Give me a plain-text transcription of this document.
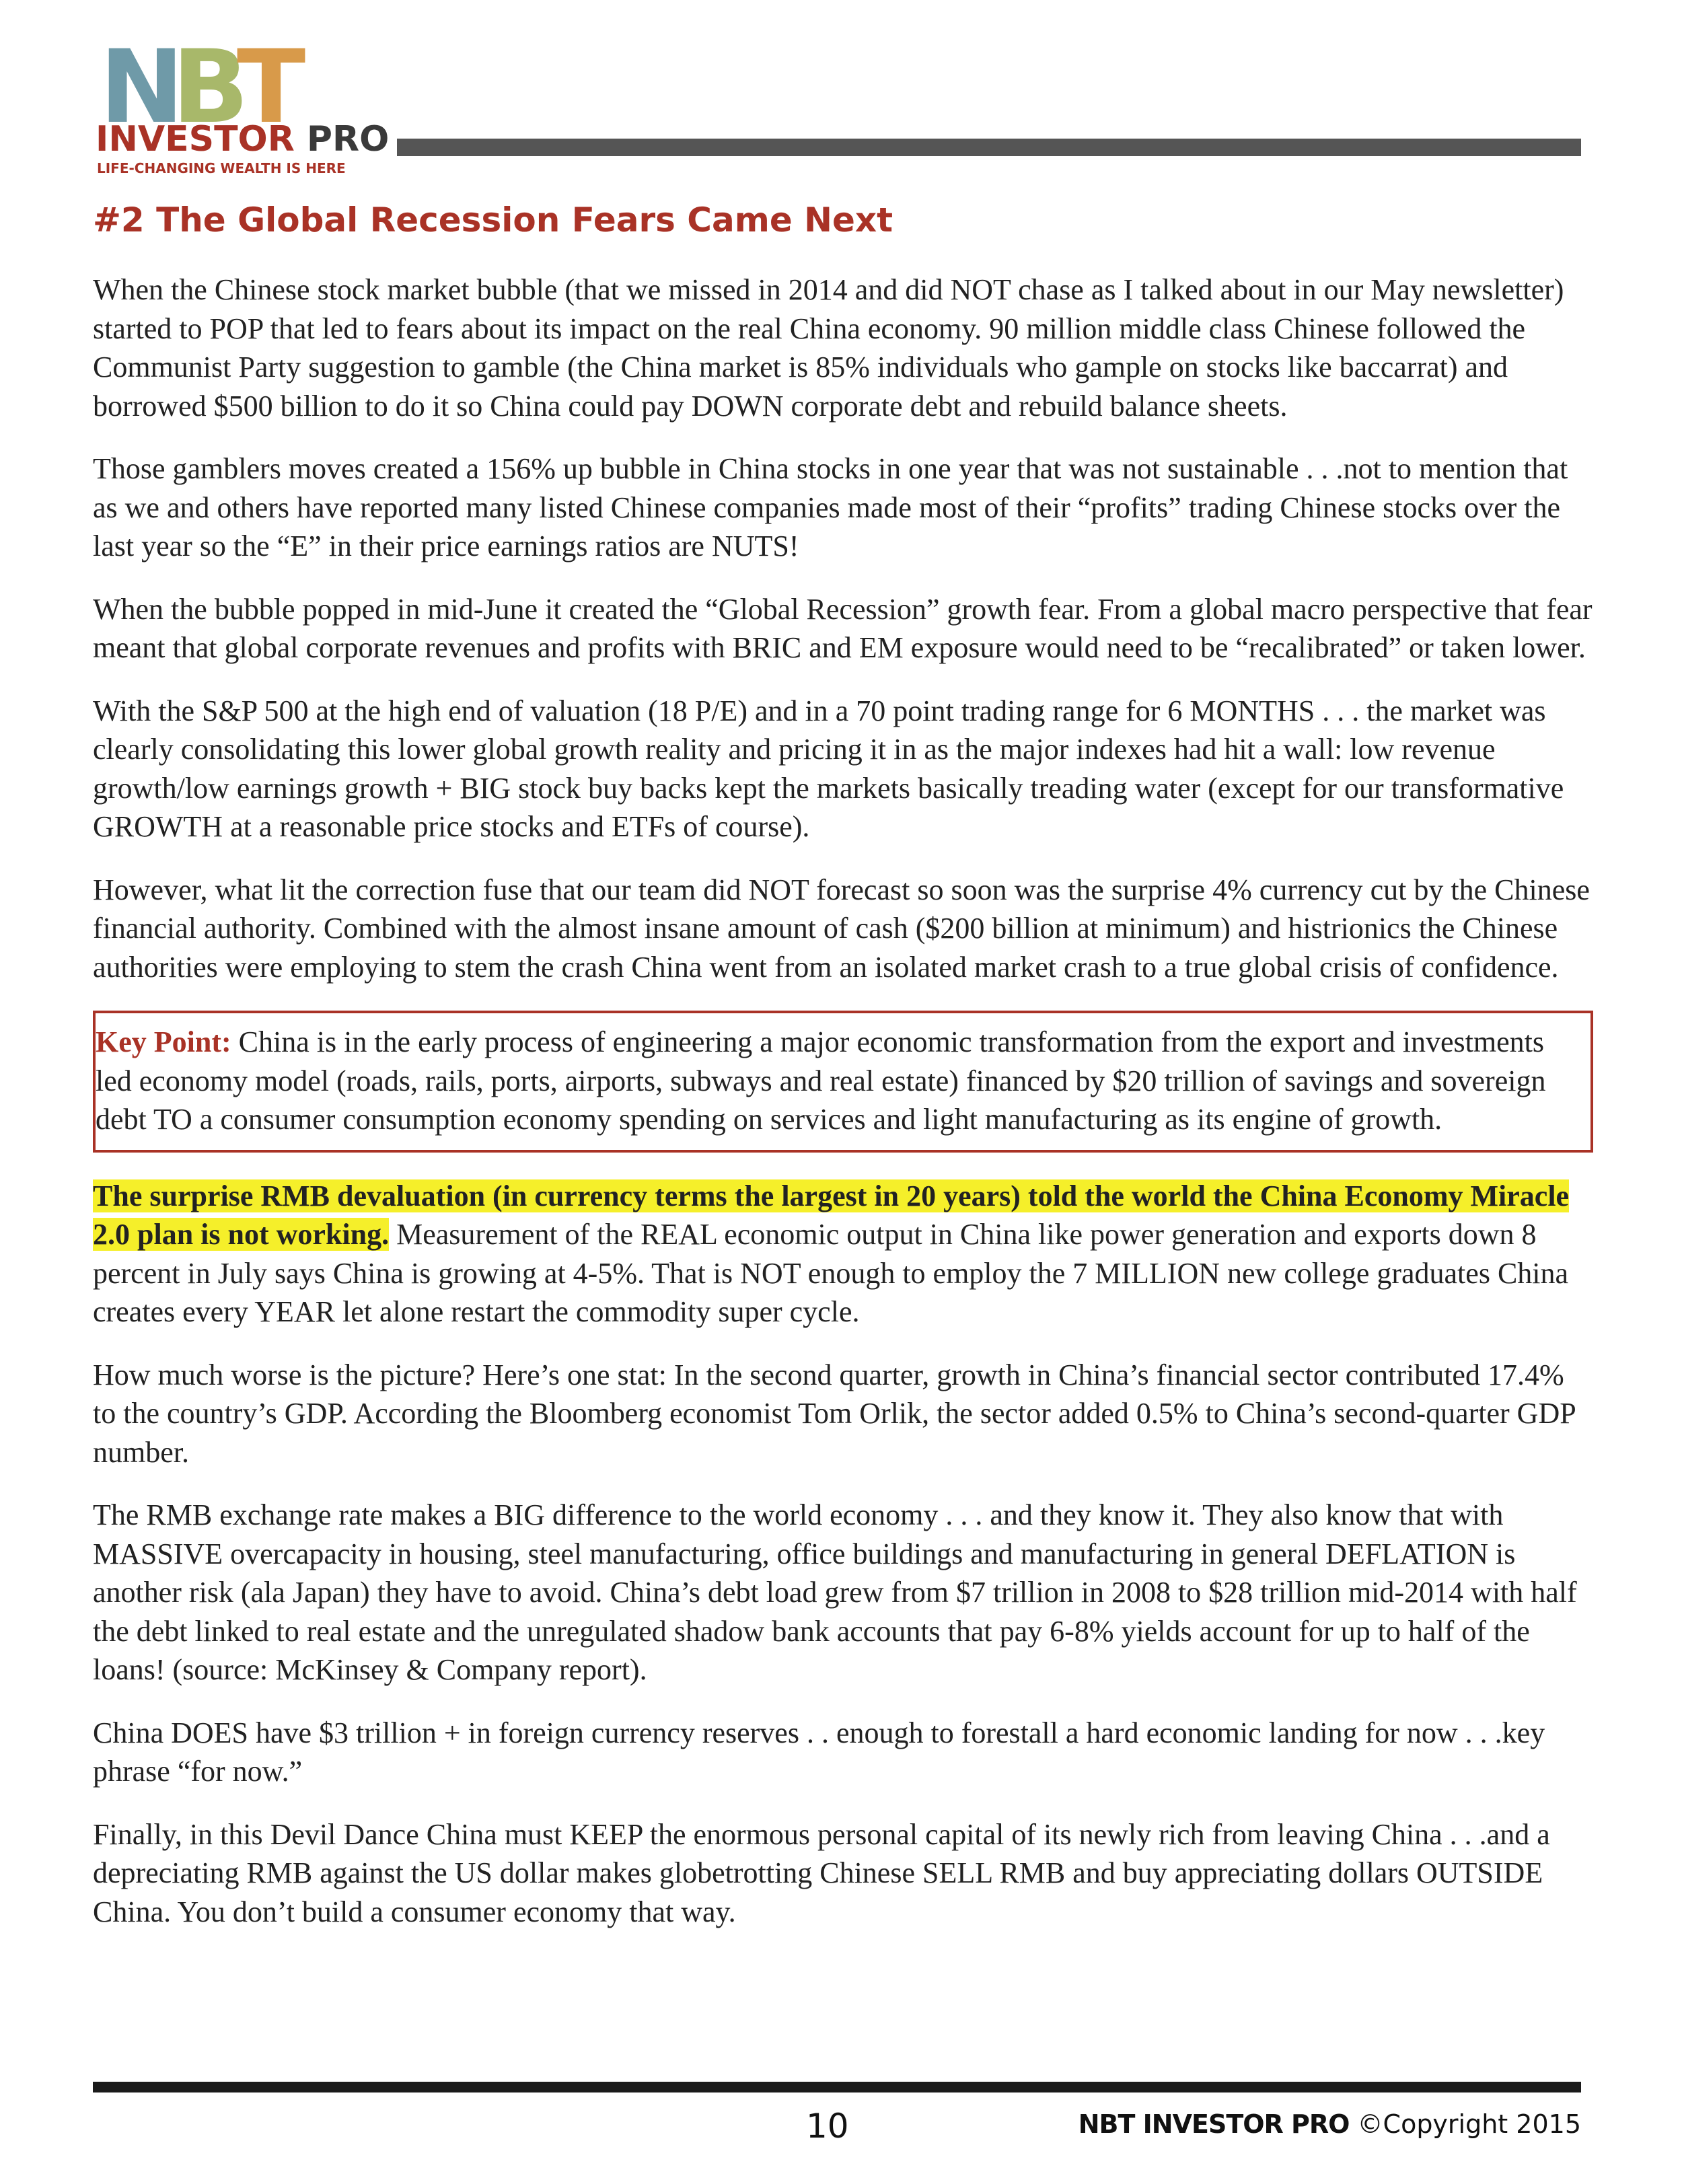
NBT
INVESTOR PRO
LIFE-CHANGING WEALTH IS HERE
#2 The Global Recession Fears Came Next

When the Chinese stock market bubble (that we missed in 2014 and did NOT chase as I talked about in our May newsletter) started to POP that led to fears about its impact on the real China economy. 90 million middle class Chinese followed the Communist Party suggestion to gamble (the China market is 85% individuals who gample on stocks like baccarrat) and borrowed $500 billion to do it so China could pay DOWN corporate debt and rebuild balance sheets.

Those gamblers moves created a 156% up bubble in China stocks in one year that was not sustainable . . .not to mention that as we and others have reported many listed Chinese companies made most of their “profits” trading Chinese stocks over the last year so the “E” in their price earnings ratios are NUTS!

When the bubble popped in mid-June it created the “Global Recession” growth fear. From a global macro perspective that fear meant that global corporate revenues and profits with BRIC and EM exposure would need to be “recalibrated” or taken lower.

With the S&P 500 at the high end of valuation (18 P/E) and in a 70 point trading range for 6 MONTHS . . . the market was clearly consolidating this lower global growth reality and pricing it in as the major indexes had hit a wall: low revenue growth/low earnings growth + BIG stock buy backs kept the markets basically treading water (except for our transformative GROWTH at a reasonable price stocks and ETFs of course).

However, what lit the correction fuse that our team did NOT forecast so soon was the surprise 4% currency cut by the Chinese financial authority. Combined with the almost insane amount of cash ($200 billion at minimum) and histrionics the Chinese authorities were employing to stem the crash China went from an isolated market crash to a true global crisis of confidence.

Key Point: China is in the early process of engineering a major economic transformation from the export and investments led economy model (roads, rails, ports, airports, subways and real estate) financed by $20 trillion of savings and sovereign debt TO a consumer consumption economy spending on services and light manufacturing as its engine of growth.

The surprise RMB devaluation (in currency terms the largest in 20 years) told the world the China Economy Miracle 2.0 plan is not working. Measurement of the REAL economic output in China like power generation and exports down 8 percent in July says China is growing at 4-5%. That is NOT enough to employ the 7 MILLION new college graduates China creates every YEAR let alone restart the commodity super cycle.

How much worse is the picture? Here’s one stat: In the second quarter, growth in China’s financial sector contributed 17.4% to the country’s GDP. According the Bloomberg economist Tom Orlik, the sector added 0.5% to China’s second-quarter GDP number.

The RMB exchange rate makes a BIG difference to the world economy . . . and they know it. They also know that with MASSIVE overcapacity in housing, steel manufacturing, office buildings and manufacturing in general DEFLATION is another risk (ala Japan) they have to avoid. China’s debt load grew from $7 trillion in 2008 to $28 trillion mid-2014 with half the debt linked to real estate and the unregulated shadow bank accounts that pay 6-8% yields account for up to half of the loans! (source: McKinsey & Company report).

China DOES have $3 trillion + in foreign currency reserves . . enough to forestall a hard economic landing for now . . .key phrase “for now.”

Finally, in this Devil Dance China must KEEP the enormous personal capital of its newly rich from leaving China . . .and a depreciating RMB against the US dollar makes globetrotting Chinese SELL RMB and buy appreciating dollars OUTSIDE China. You don’t build a consumer economy that way.

10	NBT INVESTOR PRO ©Copyright 2015
